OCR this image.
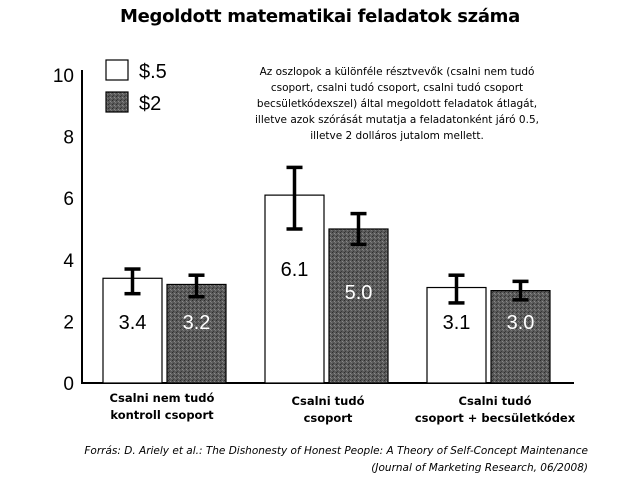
Megoldott matematikai feladatok száma
0
2
4
6
8
10
3.4
6.1
3.1
3.2
5.0
3.0
$.5
$2
Az oszlopok a különféle résztvevők (csalni nem tudó
csoport, csalni tudó csoport, csalni tudó csoport
becsületkódexszel) által megoldott feladatok átlagát,
illetve azok szórását mutatja a feladatonként járó 0.5,
illetve 2 dolláros jutalom mellett.
Csalni nem tudó
kontroll csoport
Csalni tudó
csoport
Csalni tudó
csoport + becsületkódex
Forrás: D. Ariely et al.: The Dishonesty of Honest People: A Theory of Self-Concept Maintenance
(Journal of Marketing Research, 06/2008)
